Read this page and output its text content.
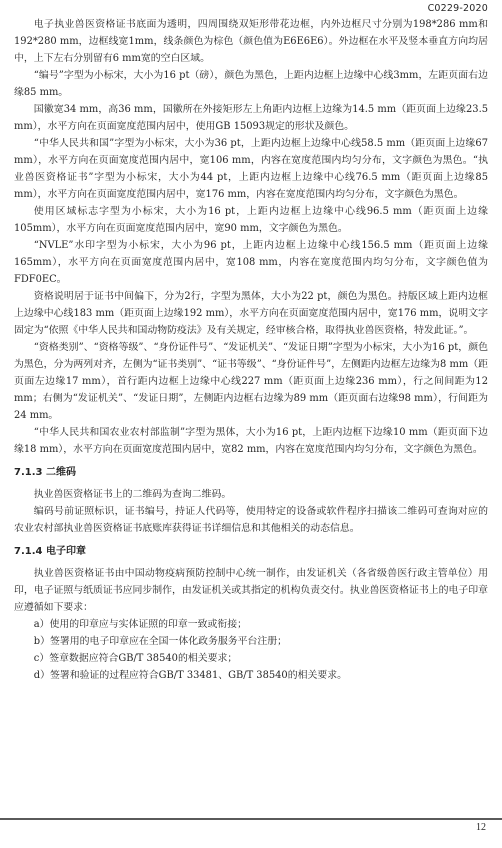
C0229-2020

电子执业兽医资格证书底面为透明，四周围绕双矩形带花边框，内外边框尺寸分别为198*286 mm和192*280 mm，边框线宽1mm，线条颜色为棕色（颜色值为E6E6E6）。外边框在水平及竖本垂直方向均居中，上下左右分别留有6 mm宽的空白区域。

“编号”字型为小标宋，大小为16 pt（磅），颜色为黑色，上距内边框上边缘中心线3mm，左距页面右边缘85 mm。

国徽宽34 mm，高36 mm，国徽所在外接矩形左上角距内边框上边缘为14.5 mm（距页面上边缘23.5 mm），水平方向在页面宽度范围内居中，使用GB 15093规定的形状及颜色。

“中华人民共和国”字型为小标宋，大小为36 pt，上距内边框上边缘中心线58.5 mm（距页面上边缘67 mm），水平方向在页面宽度范围内居中，宽106 mm，内容在宽度范围内均匀分布，文字颜色为黑色。“执业兽医资格证书”字型为小标宋，大小为44 pt，上距内边框上边缘中心线76.5 mm（距页面上边缘85 mm），水平方向在页面宽度范围内居中，宽176 mm，内容在宽度范围内均匀分布，文字颜色为黑色。

使用区域标志字型为小标宋，大小为16 pt，上距内边框上边缘中心线96.5 mm（距页面上边缘105mm），水平方向在页面宽度范围内居中，宽90 mm，文字颜色为黑色。

“NVLE”水印字型为小标宋，大小为96 pt，上距内边框上边缘中心线156.5 mm（距页面上边缘165mm），水平方向在页面宽度范围内居中，宽108 mm，内容在宽度范围内均匀分布，文字颜色值为FDF0EC。

资格说明居于证书中间偏下，分为2行，字型为黑体，大小为22 pt，颜色为黑色。持版区域上距内边框上边缘中心线183 mm（距页面上边缘192 mm），水平方向在页面宽度范围内居中，宽176 mm，说明文字固定为“依照《中华人民共和国动物防疫法》及有关规定，经审核合格，取得执业兽医资格，特发此证。”。

“资格类别”、“资格等级”、“身份证件号”、“发证机关”、“发证日期”字型为小标宋，大小为16 pt，颜色为黑色，分为两列对齐，左侧为“证书类别”、“证书等级”、“身份证件号”，左侧距内边框左边缘为8 mm（距页面左边缘17 mm），首行距内边框上边缘中心线227 mm（距页面上边缘236 mm），行之间间距为12 mm；右侧为“发证机关”、“发证日期”，左侧距内边框右边缘为89 mm（距页面右边缘98 mm），行间距为24 mm。

“中华人民共和国农业农村部监制”字型为黑体，大小为16 pt，上距内边框下边缘10 mm（距页面下边缘18 mm），水平方向在页面宽度范围内居中，宽82 mm，内容在宽度范围内均匀分布，文字颜色为黑色。

7.1.3 二维码

执业兽医资格证书上的二维码为查询二维码。

编码号前证照标识，证书编号，持证人代码等，使用特定的设备或软件程序扫描该二维码可查询对应的农业农村部执业兽医资格证书底账库获得证书详细信息和其他相关的动态信息。

7.1.4 电子印章

执业兽医资格证书由中国动物疫病预防控制中心统一制作，由发证机关（各省级兽医行政主管单位）用印，电子证照与纸质证书应同步制作，由发证机关或其指定的机构负责交付。执业兽医资格证书上的电子印章应遵循如下要求：

a）使用的印章应与实体证照的印章一致或衔接；

b）签署用的电子印章应在全国一体化政务服务平台注册；

c）签章数据应符合GB/T 38540的相关要求；

d）签署和验证的过程应符合GB/T 33481、GB/T 38540的相关要求。

12
